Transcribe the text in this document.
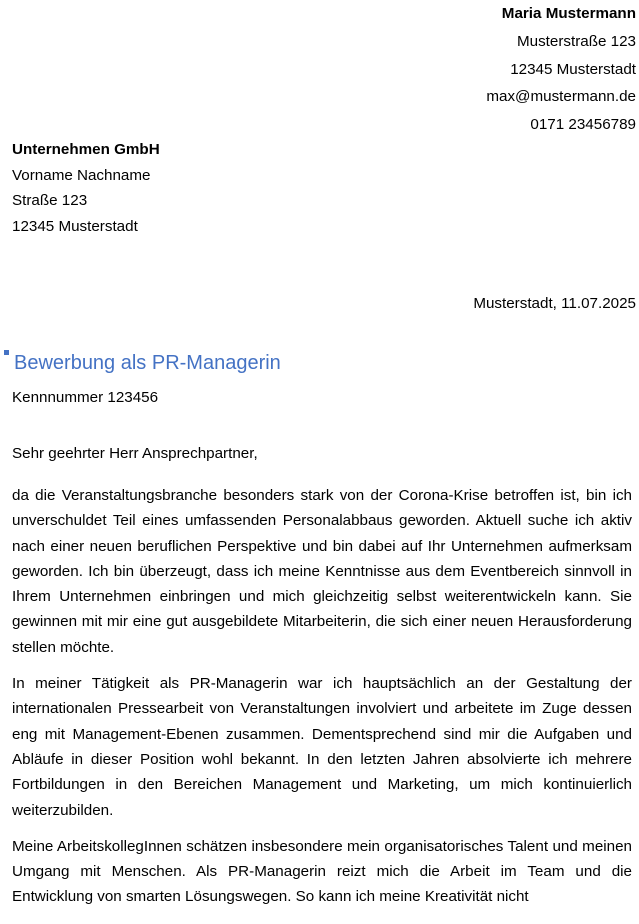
Maria Mustermann
Musterstraße 123
12345 Musterstadt
max@mustermann.de
0171 23456789
Unternehmen GmbH
Vorname Nachname
Straße 123
12345 Musterstadt
Musterstadt, 11.07.2025
Bewerbung als PR-Managerin
Kennnummer 123456
Sehr geehrter Herr Ansprechpartner,

da die Veranstaltungsbranche besonders stark von der Corona-Krise betroffen ist, bin ich unverschuldet Teil eines umfassenden Personalabbaus geworden. Aktuell suche ich aktiv nach einer neuen beruflichen Perspektive und bin dabei auf Ihr Unternehmen aufmerksam geworden. Ich bin überzeugt, dass ich meine Kenntnisse aus dem Eventbereich sinnvoll in Ihrem Unternehmen einbringen und mich gleichzeitig selbst weiterentwickeln kann. Sie gewinnen mit mir eine gut ausgebildete Mitarbeiterin, die sich einer neuen Herausforderung stellen möchte.

In meiner Tätigkeit als PR-Managerin war ich hauptsächlich an der Gestaltung der internationalen Pressearbeit von Veranstaltungen involviert und arbeitete im Zuge dessen eng mit Management-Ebenen zusammen. Dementsprechend sind mir die Aufgaben und Abläufe in dieser Position wohl bekannt. In den letzten Jahren absolvierte ich mehrere Fortbildungen in den Bereichen Management und Marketing, um mich kontinuierlich weiterzubilden.

Meine ArbeitskollegInnen schätzen insbesondere mein organisatorisches Talent und meinen Umgang mit Menschen. Als PR-Managerin reizt mich die Arbeit im Team und die Entwicklung von smarten Lösungswegen. So kann ich meine Kreativität nicht
